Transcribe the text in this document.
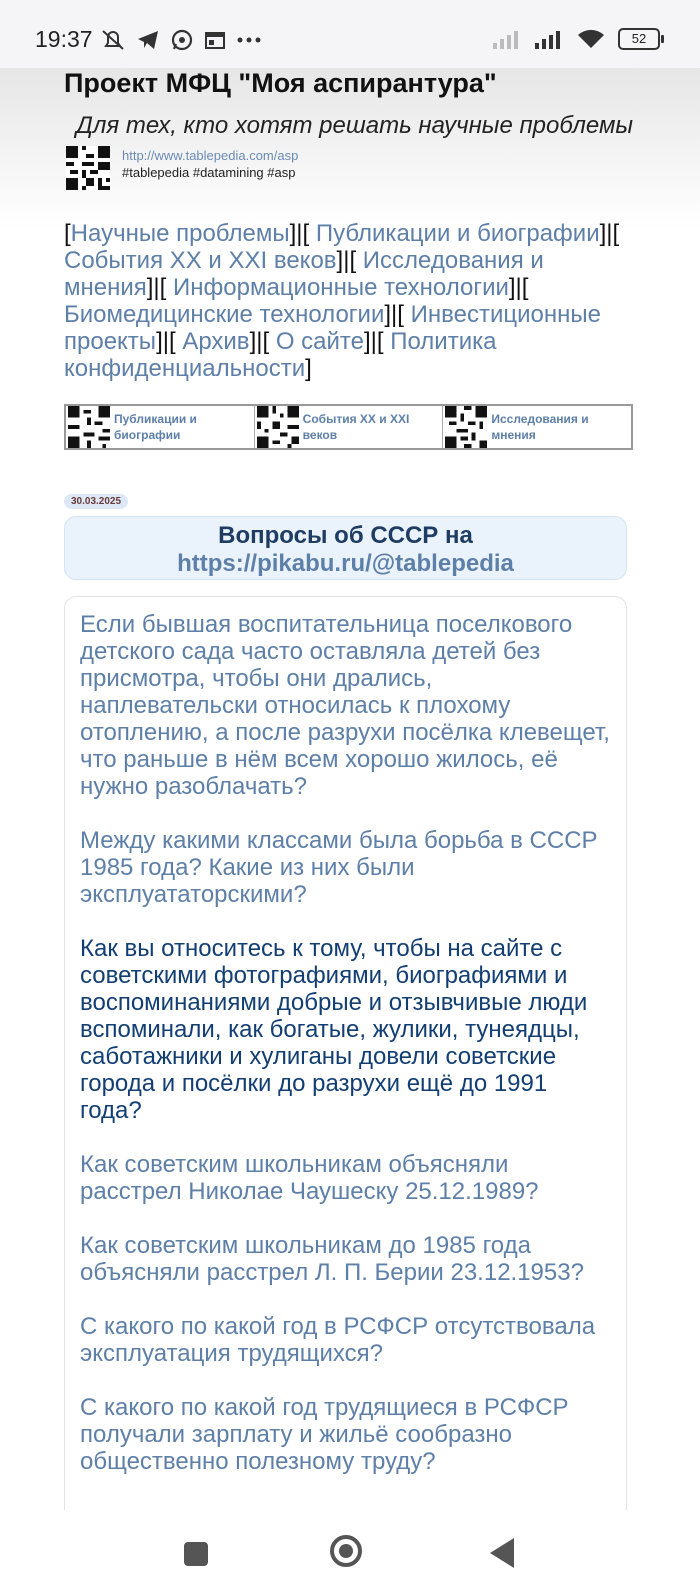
19:37	52
Проект МФЦ "Моя аспирантура"
Для тех, кто хотят решать научные проблемы
http://www.tablepedia.com/asp
#tablepedia #datamining #asp
[Научные проблемы]|[ Публикации и биографии]|[ События XX и XXI веков]|[ Исследования и мнения]|[ Информационные технологии]|[ Биомедицинские технологии]|[ Инвестиционные проекты]|[ Архив]|[ О сайте]|[ Политика конфиденциальности]
Публикации и биографии
События XX и XXI веков
Исследования и мнения
30.03.2025
Вопросы об СССР на
https://pikabu.ru/@tablepedia
Если бывшая воспитательница поселкового детского сада часто оставляла детей без присмотра, чтобы они дрались, наплевательски относилась к плохому отоплению, а после разрухи посёлка клевещет, что раньше в нём всем хорошо жилось, её нужно разоблачать?
Между какими классами была борьба в СССР 1985 года? Какие из них были эксплуататорскими?
Как вы относитесь к тому, чтобы на сайте с советскими фотографиями, биографиями и воспоминаниями добрые и отзывчивые люди вспоминали, как богатые, жулики, тунеядцы, саботажники и хулиганы довели советские города и посёлки до разрухи ещё до 1991 года?
Как советским школьникам объясняли расстрел Николае Чаушеску 25.12.1989?
Как советским школьникам до 1985 года объясняли расстрел Л. П. Берии 23.12.1953?
С какого по какой год в РСФСР отсутствовала эксплуатация трудящихся?
С какого по какой год трудящиеся в РСФСР получали зарплату и жильё сообразно общественно полезному труду?
